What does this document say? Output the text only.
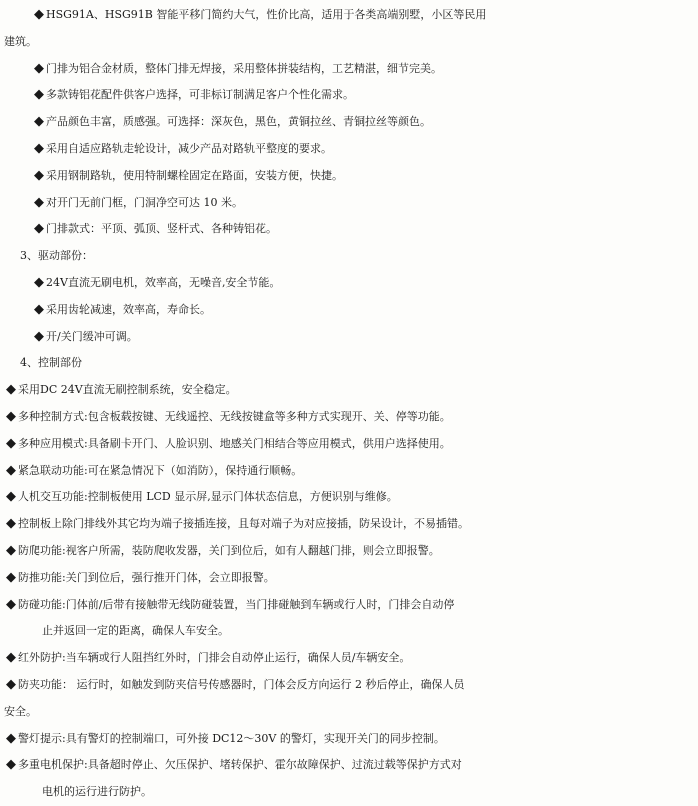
◆ HSG91A、HSG91B 智能平移门简约大气，性价比高，适用于各类高端别墅，小区等民用
建筑。
◆ 门排为铝合金材质，整体门排无焊接，采用整体拼装结构，工艺精湛，细节完美。
◆ 多款铸铝花配件供客户选择，可非标订制满足客户个性化需求。
◆ 产品颜色丰富，质感强。可选择：深灰色，黑色，黄铜拉丝、青铜拉丝等颜色。
◆ 采用自适应路轨走轮设计，减少产品对路轨平整度的要求。
◆ 采用钢制路轨，使用特制螺栓固定在路面，安装方便，快捷。
◆ 对开门无前门框，门洞净空可达 10 米。
◆ 门排款式：平顶、弧顶、竖杆式、各种铸铝花。
3、驱动部份：
◆ 24V直流无刷电机，效率高，无噪音,安全节能。
◆ 采用齿轮减速，效率高，寿命长。
◆ 开/关门缓冲可调。
4、控制部份
◆ 采用DC 24V直流无刷控制系统，安全稳定。
◆ 多种控制方式:包含板载按键、无线遥控、无线按键盒等多种方式实现开、关、停等功能。
◆ 多种应用模式:具备刷卡开门、人脸识别、地感关门相结合等应用模式，供用户选择使用。
◆ 紧急联动功能:可在紧急情况下（如消防），保持通行顺畅。
◆ 人机交互功能:控制板使用 LCD 显示屏,显示门体状态信息，方便识别与维修。
◆ 控制板上除门排线外其它均为端子接插连接，且每对端子为对应接插，防呆设计，不易插错。
◆ 防爬功能:视客户所需，装防爬收发器，关门到位后，如有人翻越门排，则会立即报警。
◆ 防推功能:关门到位后，强行推开门体，会立即报警。
◆ 防碰功能:门体前/后带有接触带无线防碰装置，当门排碰触到车辆或行人时，门排会自动停
止并返回一定的距离，确保人车安全。
◆ 红外防护:当车辆或行人阻挡红外时，门排会自动停止运行，确保人员/车辆安全。
◆ 防夹功能： 运行时，如触发到防夹信号传感器时，门体会反方向运行 2 秒后停止，确保人员
安全。
◆ 警灯提示:具有警灯的控制端口，可外接 DC12～30V 的警灯，实现开关门的同步控制。
◆ 多重电机保护:具备超时停止、欠压保护、堵转保护、霍尔故障保护、过流过载等保护方式对
电机的运行进行防护。
